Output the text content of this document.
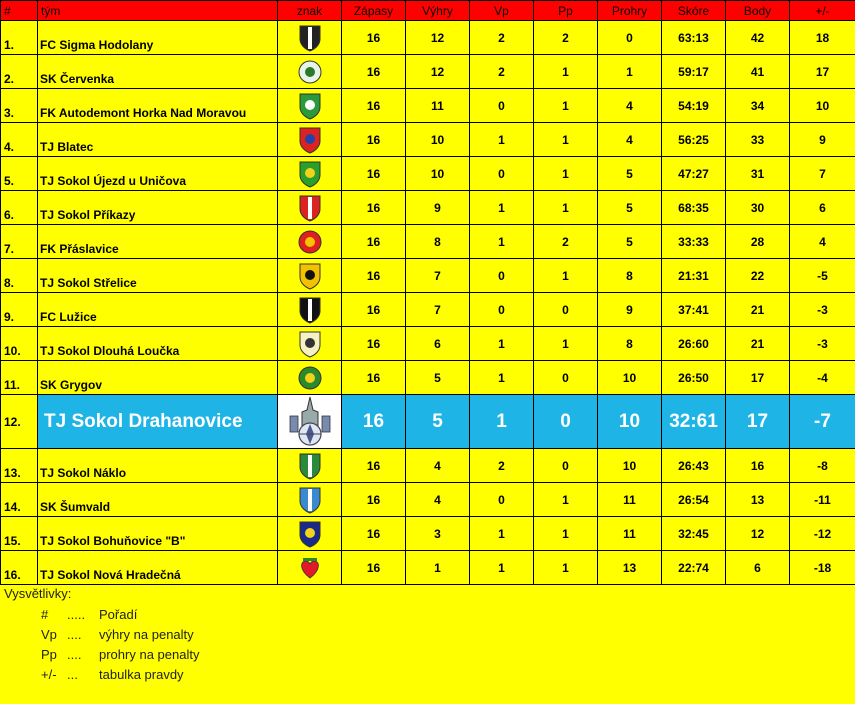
#	tým	znak	Zápasy	Výhry	Vp	Pp	Prohry	Skóre	Body	+/-
1.	FC Sigma Hodolany		16	12	2	2	0	63:13	42	18
2.	SK Červenka		16	12	2	1	1	59:17	41	17
3.	FK Autodemont Horka Nad Moravou		16	11	0	1	4	54:19	34	10
4.	TJ Blatec		16	10	1	1	4	56:25	33	9
5.	TJ Sokol Újezd u Uničova		16	10	0	1	5	47:27	31	7
6.	TJ Sokol Příkazy		16	9	1	1	5	68:35	30	6
7.	FK Přáslavice		16	8	1	2	5	33:33	28	4
8.	TJ Sokol Střelice		16	7	0	1	8	21:31	22	-5
9.	FC Lužice		16	7	0	0	9	37:41	21	-3
10.	TJ Sokol Dlouhá Loučka		16	6	1	1	8	26:60	21	-3
11.	SK Grygov		16	5	1	0	10	26:50	17	-4
12.	TJ Sokol Drahanovice		16	5	1	0	10	32:61	17	-7
13.	TJ Sokol Náklo		16	4	2	0	10	26:43	16	-8
14.	SK Šumvald		16	4	0	1	11	26:54	13	-11
15.	TJ Sokol Bohuňovice "B"		16	3	1	1	11	32:45	12	-12
16.	TJ Sokol Nová Hradečná		16	1	1	1	13	22:74	6	-18
Vysvětlivky:
# ..... Pořadí
Vp .... výhry na penalty
Pp .... prohry na penalty
+/- ... tabulka pravdy
